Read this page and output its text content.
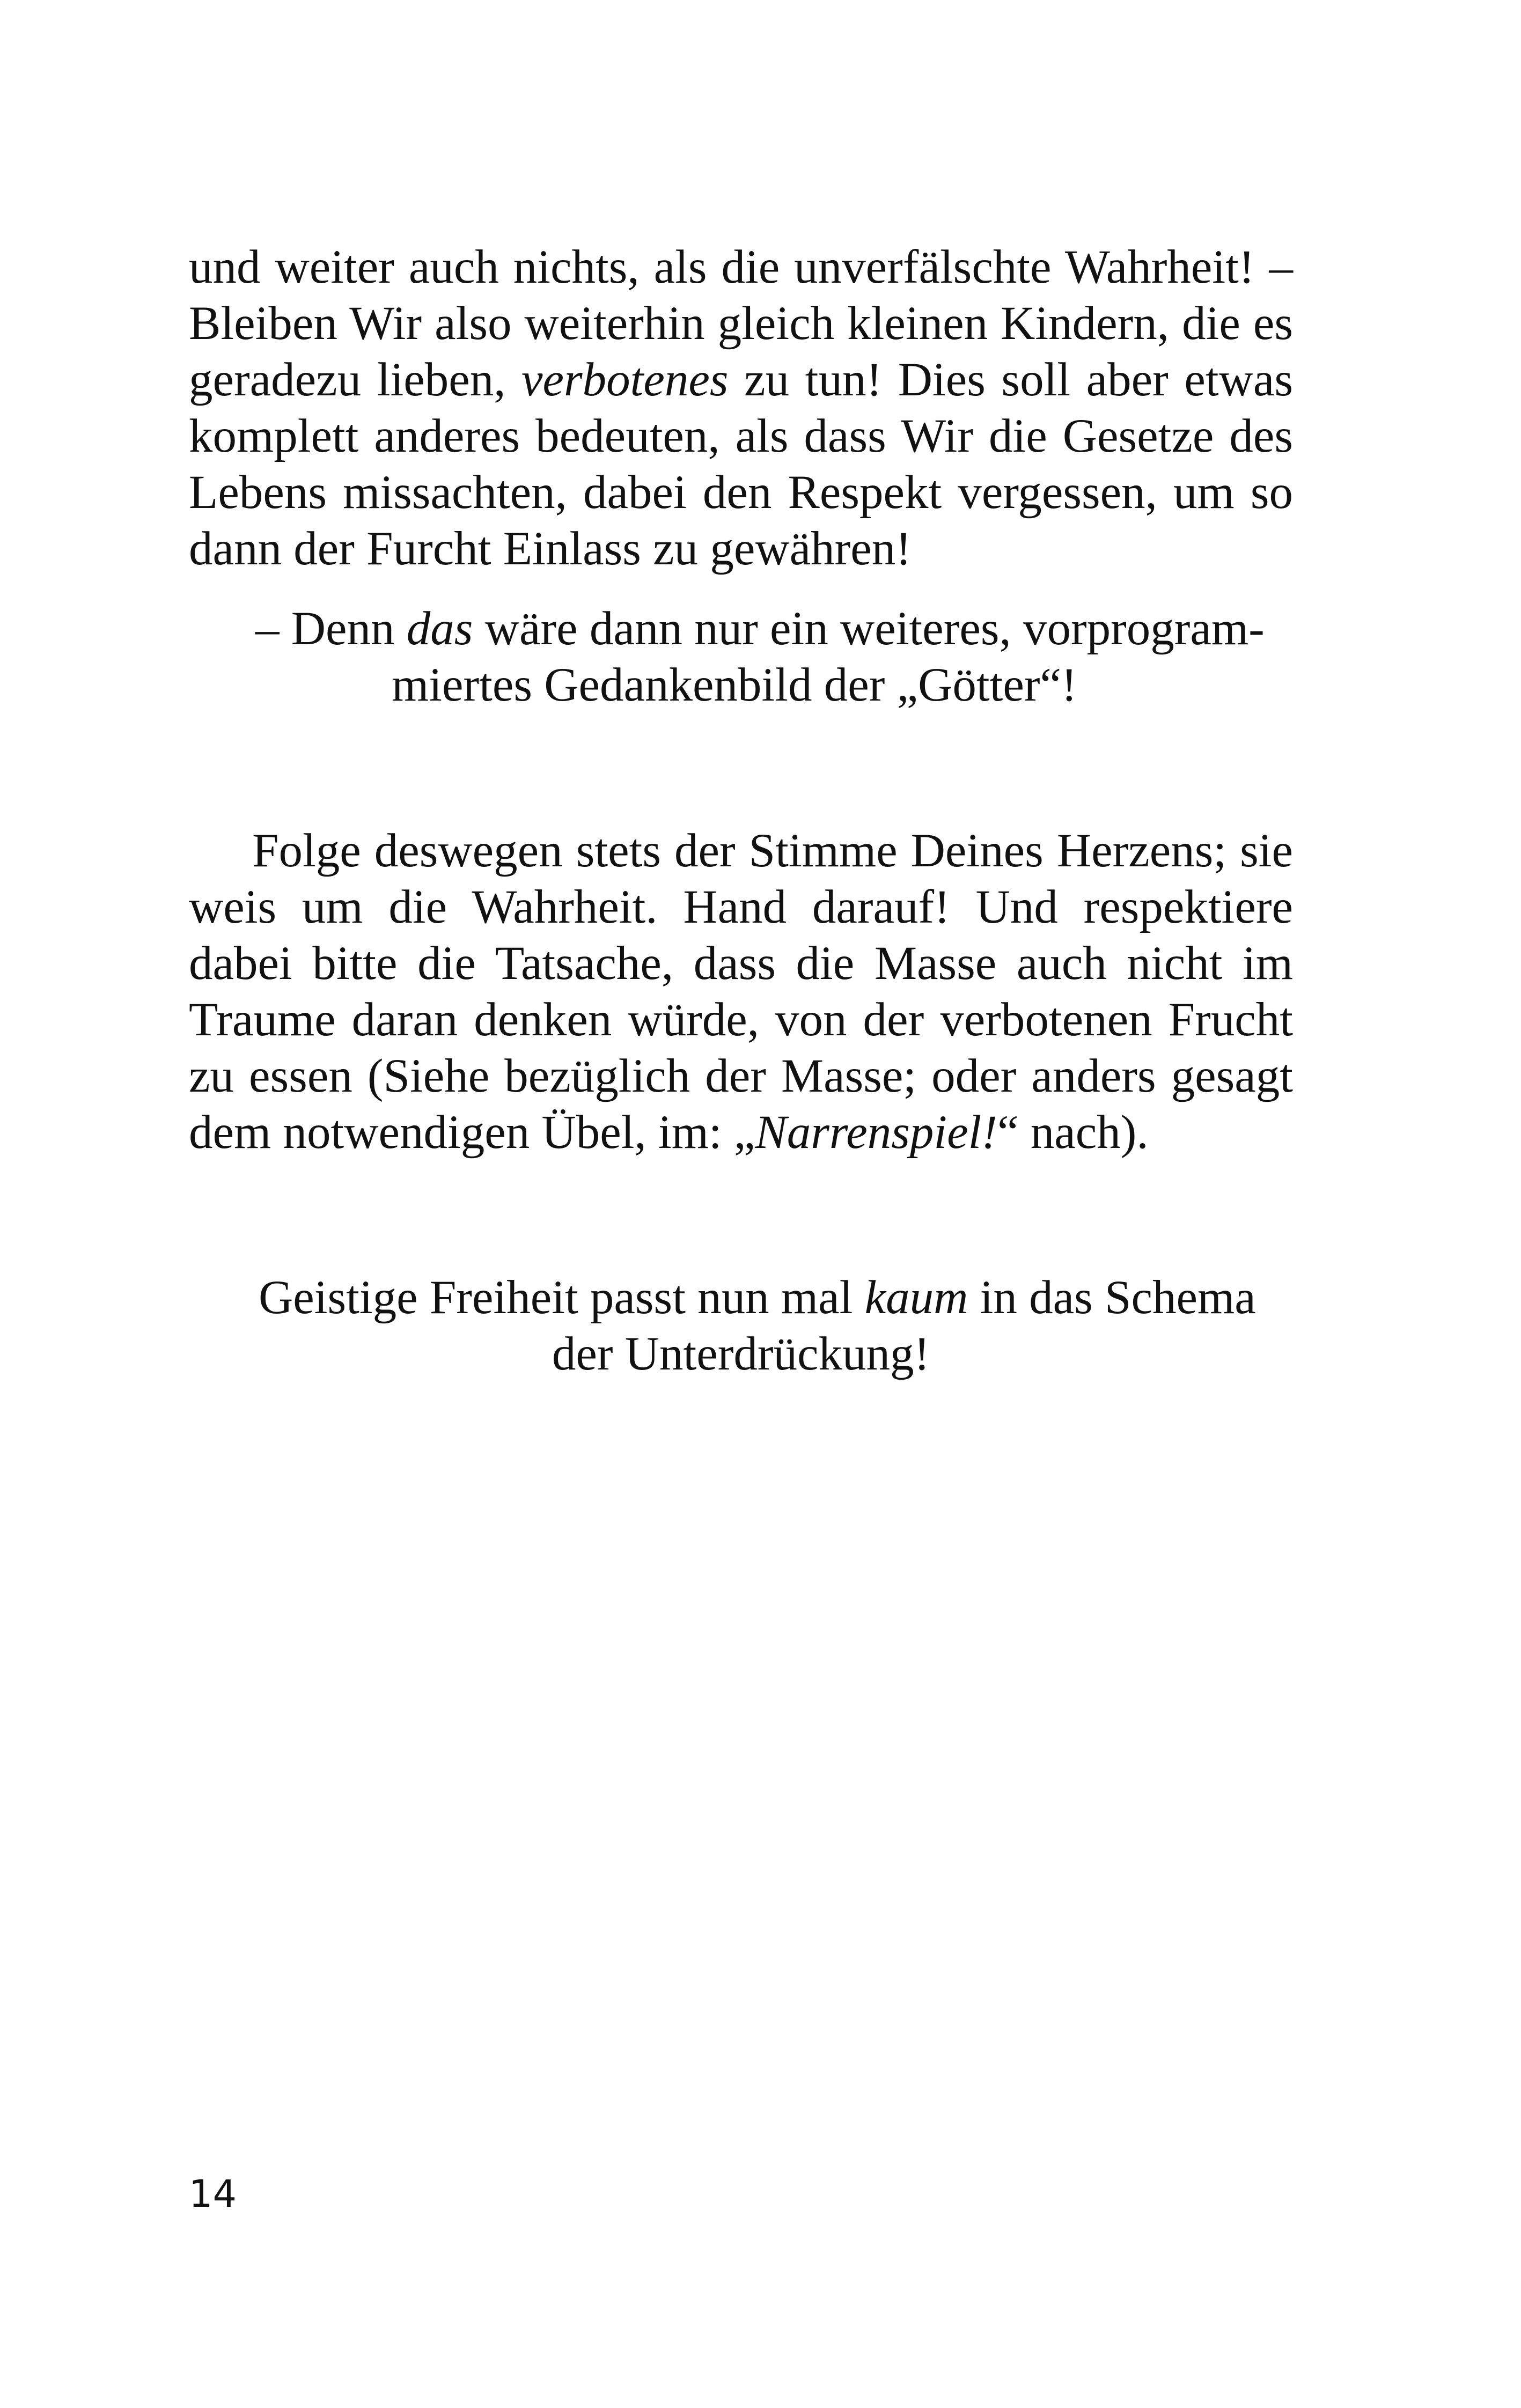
und weiter auch nichts, als die unverfälschte Wahrheit! –
Bleiben Wir also weiterhin gleich kleinen Kindern, die es
geradezu lieben, verbotenes zu tun! Dies soll aber etwas
komplett anderes bedeuten, als dass Wir die Gesetze des
Lebens missachten, dabei den Respekt vergessen, um so
dann der Furcht Einlass zu gewähren!
– Denn das wäre dann nur ein weiteres, vorprogram-
miertes Gedankenbild der „Götter“!
Folge deswegen stets der Stimme Deines Herzens; sie
weis um die Wahrheit. Hand darauf! Und respektiere
dabei bitte die Tatsache, dass die Masse auch nicht im
Traume daran denken würde, von der verbotenen Frucht
zu essen (Siehe bezüglich der Masse; oder anders gesagt
dem notwendigen Übel, im: „Narrenspiel!“ nach).
Geistige Freiheit passt nun mal kaum in das Schema
der Unterdrückung!
14
